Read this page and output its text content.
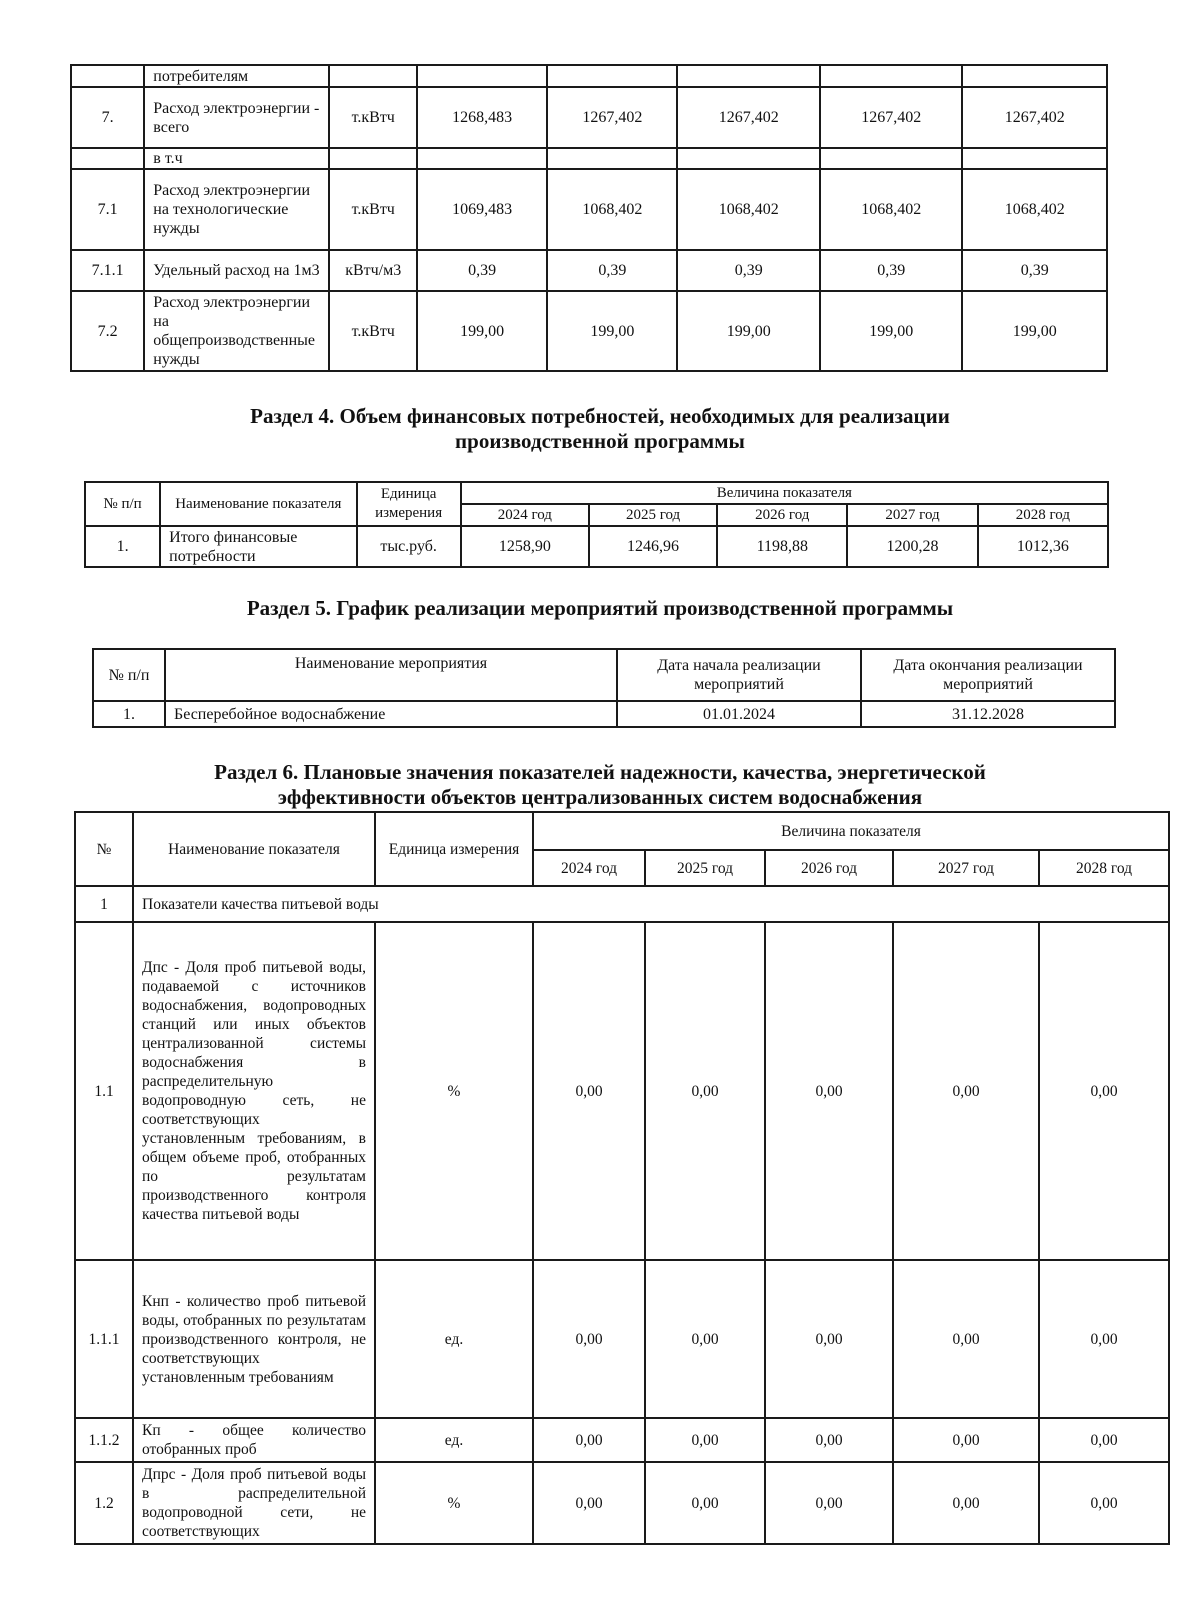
	потребителям						
7.	Расход электроэнергии - всего	т.кВтч	1268,483	1267,402	1267,402	1267,402	1267,402
	в т.ч						
7.1	Расход электроэнергии на технологические нужды	т.кВтч	1069,483	1068,402	1068,402	1068,402	1068,402
7.1.1	Удельный расход на 1м3	кВтч/м3	0,39	0,39	0,39	0,39	0,39
7.2	Расход электроэнергии на общепроизводственные нужды	т.кВтч	199,00	199,00	199,00	199,00	199,00
Раздел 4. Объем финансовых потребностей, необходимых для реализации
производственной программы
№ п/п	Наименование показателя	Единица измерения	Величина показателя				
			2024 год	2025 год	2026 год	2027 год	2028 год
1.	Итого финансовые потребности	тыс.руб.	1258,90	1246,96	1198,88	1200,28	1012,36
Раздел 5. График реализации мероприятий производственной программы
№ п/п	Наименование мероприятия	Дата начала реализации мероприятий	Дата окончания реализации мероприятий
1.	Бесперебойное водоснабжение	01.01.2024	31.12.2028
Раздел 6. Плановые значения показателей надежности, качества, энергетической
эффективности объектов централизованных систем водоснабжения
№	Наименование показателя	Единица измерения	Величина показателя				
			2024 год	2025 год	2026 год	2027 год	2028 год
1	Показатели качества питьевой воды						
1.1	Дпс - Доля проб питьевой воды, подаваемой с источников водоснабжения, водопроводных станций или иных объектов централизованной системы водоснабжения в распределительную водопроводную сеть, не соответствующих установленным требованиям, в общем объеме проб, отобранных по результатам производственного контроля качества питьевой воды	%	0,00	0,00	0,00	0,00	0,00
1.1.1	Кнп - количество проб питьевой воды, отобранных по результатам производственного контроля, не соответствующих установленным требованиям	ед.	0,00	0,00	0,00	0,00	0,00
1.1.2	Кп - общее количество отобранных проб	ед.	0,00	0,00	0,00	0,00	0,00
1.2	Дпрс - Доля проб питьевой воды в распределительной водопроводной сети, не соответствующих	%	0,00	0,00	0,00	0,00	0,00
